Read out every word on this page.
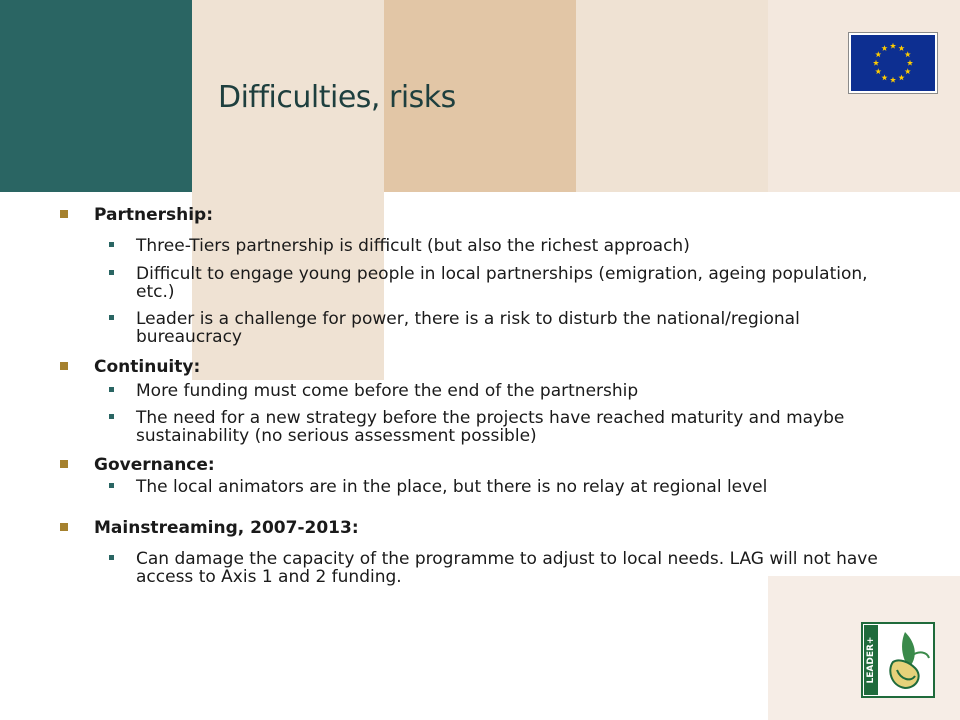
Difficulties, risks
LEADER+
Partnership:
Three-Tiers partnership is difficult (but also the richest approach)
Difficult to engage young people in local partnerships (emigration, ageing population, etc.)
Leader is a challenge for power, there is a risk to disturb the national/regional bureaucracy
Continuity:
More funding must come before the end of the partnership
The need for a new strategy before the projects have reached maturity and maybe sustainability (no serious assessment possible)
Governance:
The local animators are in the place, but there is no relay at regional level
Mainstreaming, 2007-2013:
Can damage the capacity of the programme to adjust to local needs. LAG will not have access to Axis 1 and 2 funding.
